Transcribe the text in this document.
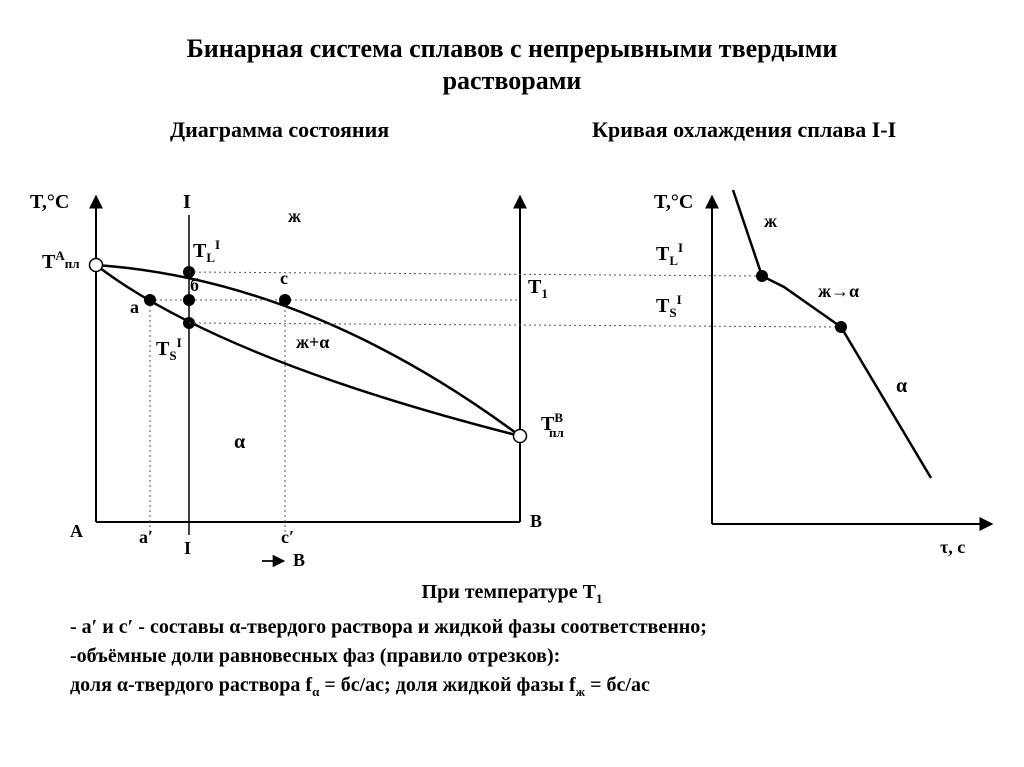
Бинарная система сплавов с непрерывными твердыми
растворами
Диаграмма состояния	Кривая охлаждения сплава I-I
T,°C	I
I
A	B
$T^A_{пл}$
$T^B$ пл
$T_L^I$
$T_S^I$
$T_1$
ж
ж+α
α
a
б	c
a′	c′
B
T,°C
τ, c
$T_L^I$
$T_S^I$
ж
ж→α
α
При температуре $T_1$
- a′ и c′ - составы α-твердого раствора и жидкой фазы соответственно;
-объёмные доли равновесных фаз (правило отрезков):
доля α-твердого раствора $f_\alpha = бс/ас$; доля жидкой фазы $f_ж = бс/ас$
